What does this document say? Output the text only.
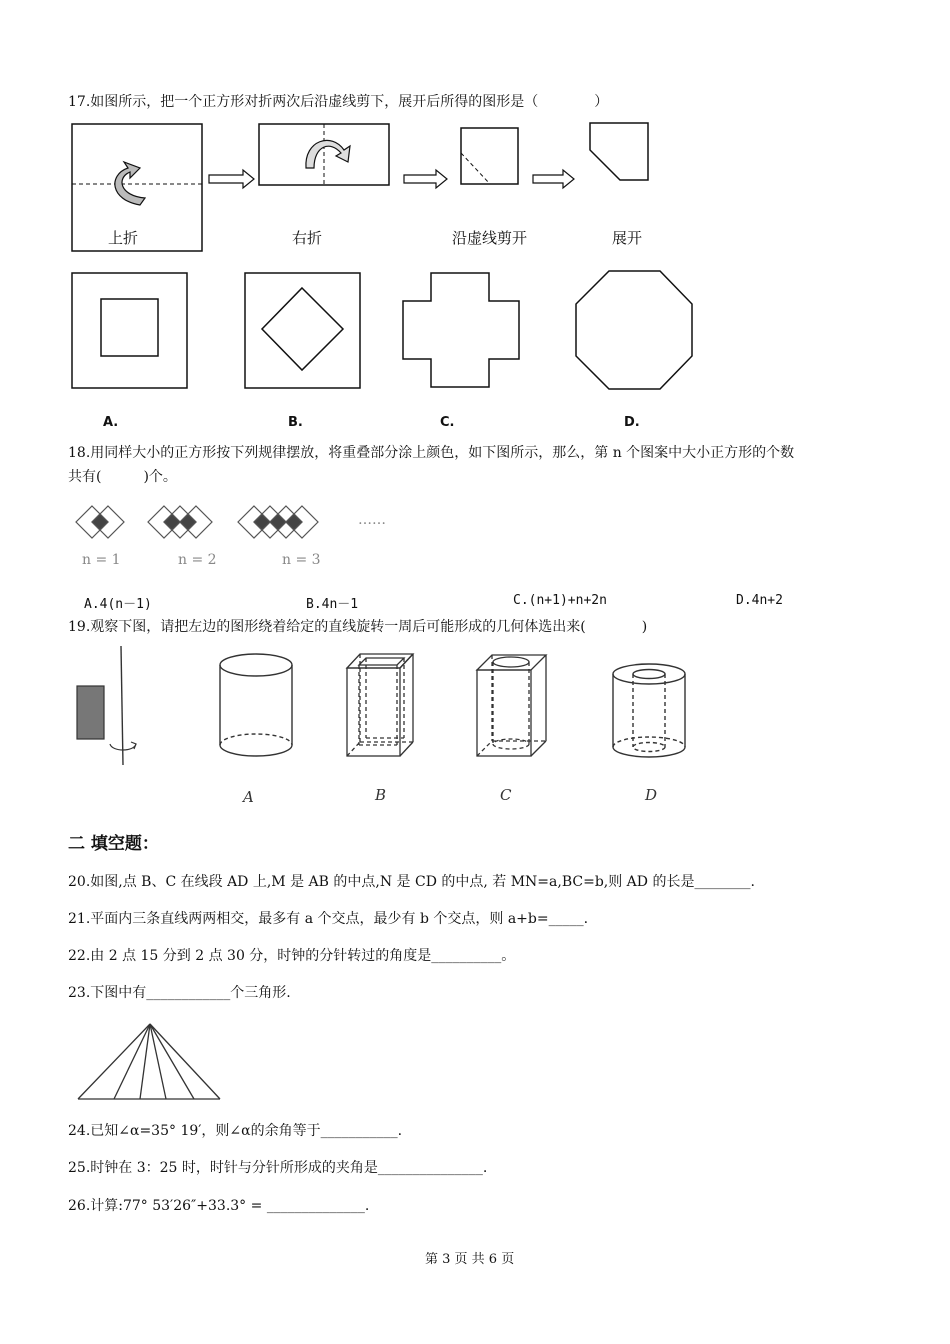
17.如图所示，把一个正方形对折两次后沿虚线剪下，展开后所得的图形是（　　　　）
上折	右折	沿虚线剪开	展开
A.	B.	C.	D.
18.用同样大小的正方形按下列规律摆放，将重叠部分涂上颜色，如下图所示，那么，第 n 个图案中大小正方形的个数
共有(　　　)个。
……
n = 1	n = 2	n = 3
A.4(n－1)	B.4n－1	C.(n+1)+n+2n	D.4n+2
19.观察下图，请把左边的图形绕着给定的直线旋转一周后可能形成的几何体选出来(　　　　)
A	B	C	D
二 填空题：
20.如图,点 B、C 在线段 AD 上,M 是 AB 的中点,N 是 CD 的中点, 若 MN=a,BC=b,则 AD 的长是________.
21.平面内三条直线两两相交，最多有 a 个交点，最少有 b 个交点，则 a+b=_____.
22.由 2 点 15 分到 2 点 30 分，时钟的分针转过的角度是__________。
23.下图中有____________个三角形.
24.已知∠α=35° 19′，则∠α的余角等于___________.
25.时钟在 3：25 时，时针与分针所形成的夹角是_______________.
26.计算:77° 53′26″+33.3° = ______________.
第 3 页 共 6 页
